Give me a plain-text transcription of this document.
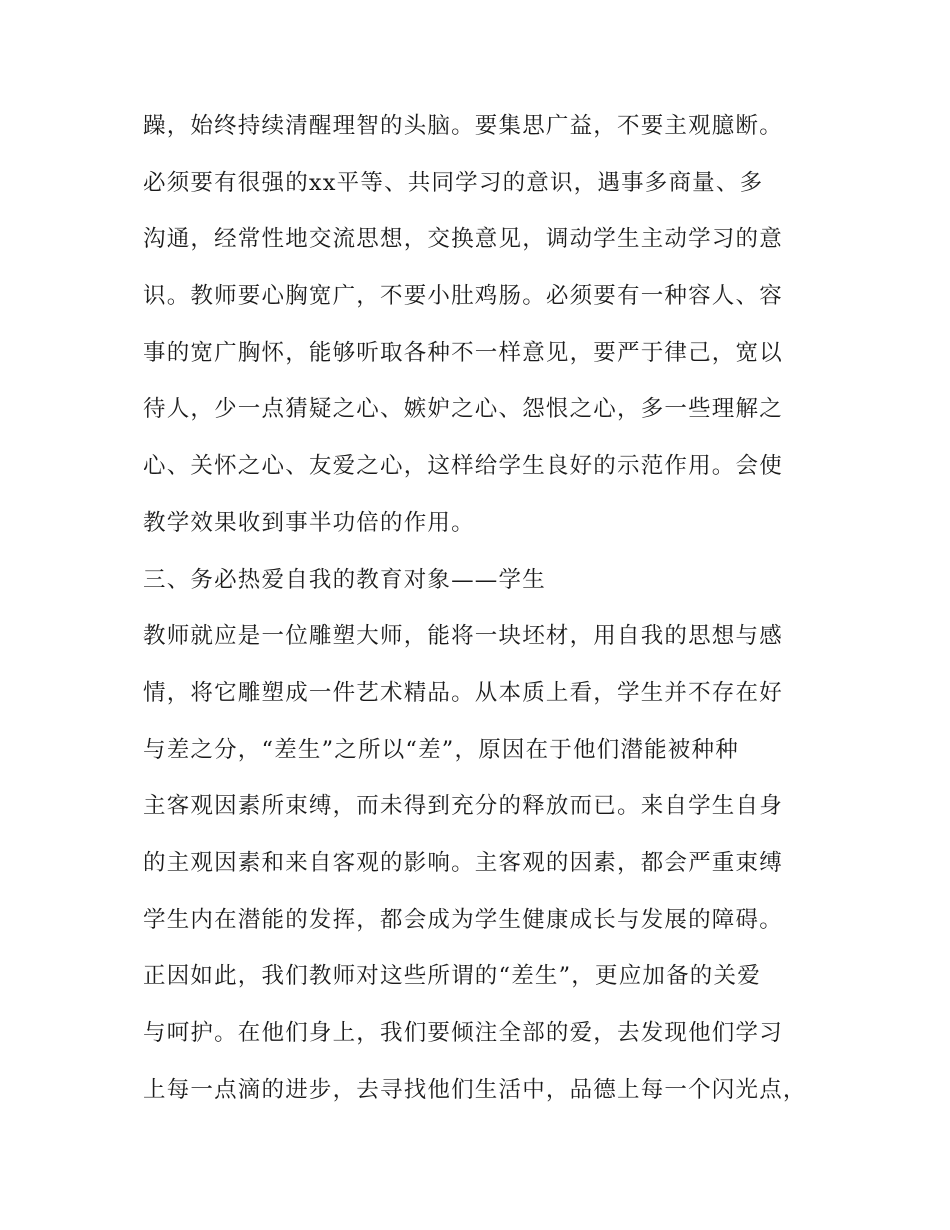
躁，始终持续清醒理智的头脑。要集思广益，不要主观臆断。
必须要有很强的xx平等、共同学习的意识，遇事多商量、多
沟通，经常性地交流思想，交换意见，调动学生主动学习的意
识。教师要心胸宽广，不要小肚鸡肠。必须要有一种容人、容
事的宽广胸怀，能够听取各种不一样意见，要严于律己，宽以
待人，少一点猜疑之心、嫉妒之心、怨恨之心，多一些理解之
心、关怀之心、友爱之心，这样给学生良好的示范作用。会使
教学效果收到事半功倍的作用。
三、务必热爱自我的教育对象——学生
教师就应是一位雕塑大师，能将一块坯材，用自我的思想与感
情，将它雕塑成一件艺术精品。从本质上看，学生并不存在好
与差之分，“差生”之所以“差”，原因在于他们潜能被种种
主客观因素所束缚，而未得到充分的释放而已。来自学生自身
的主观因素和来自客观的影响。主客观的因素，都会严重束缚
学生内在潜能的发挥，都会成为学生健康成长与发展的障碍。
正因如此，我们教师对这些所谓的“差生”，更应加备的关爱
与呵护。在他们身上，我们要倾注全部的爱，去发现他们学习
上每一点滴的进步，去寻找他们生活中，品德上每一个闪光点，
